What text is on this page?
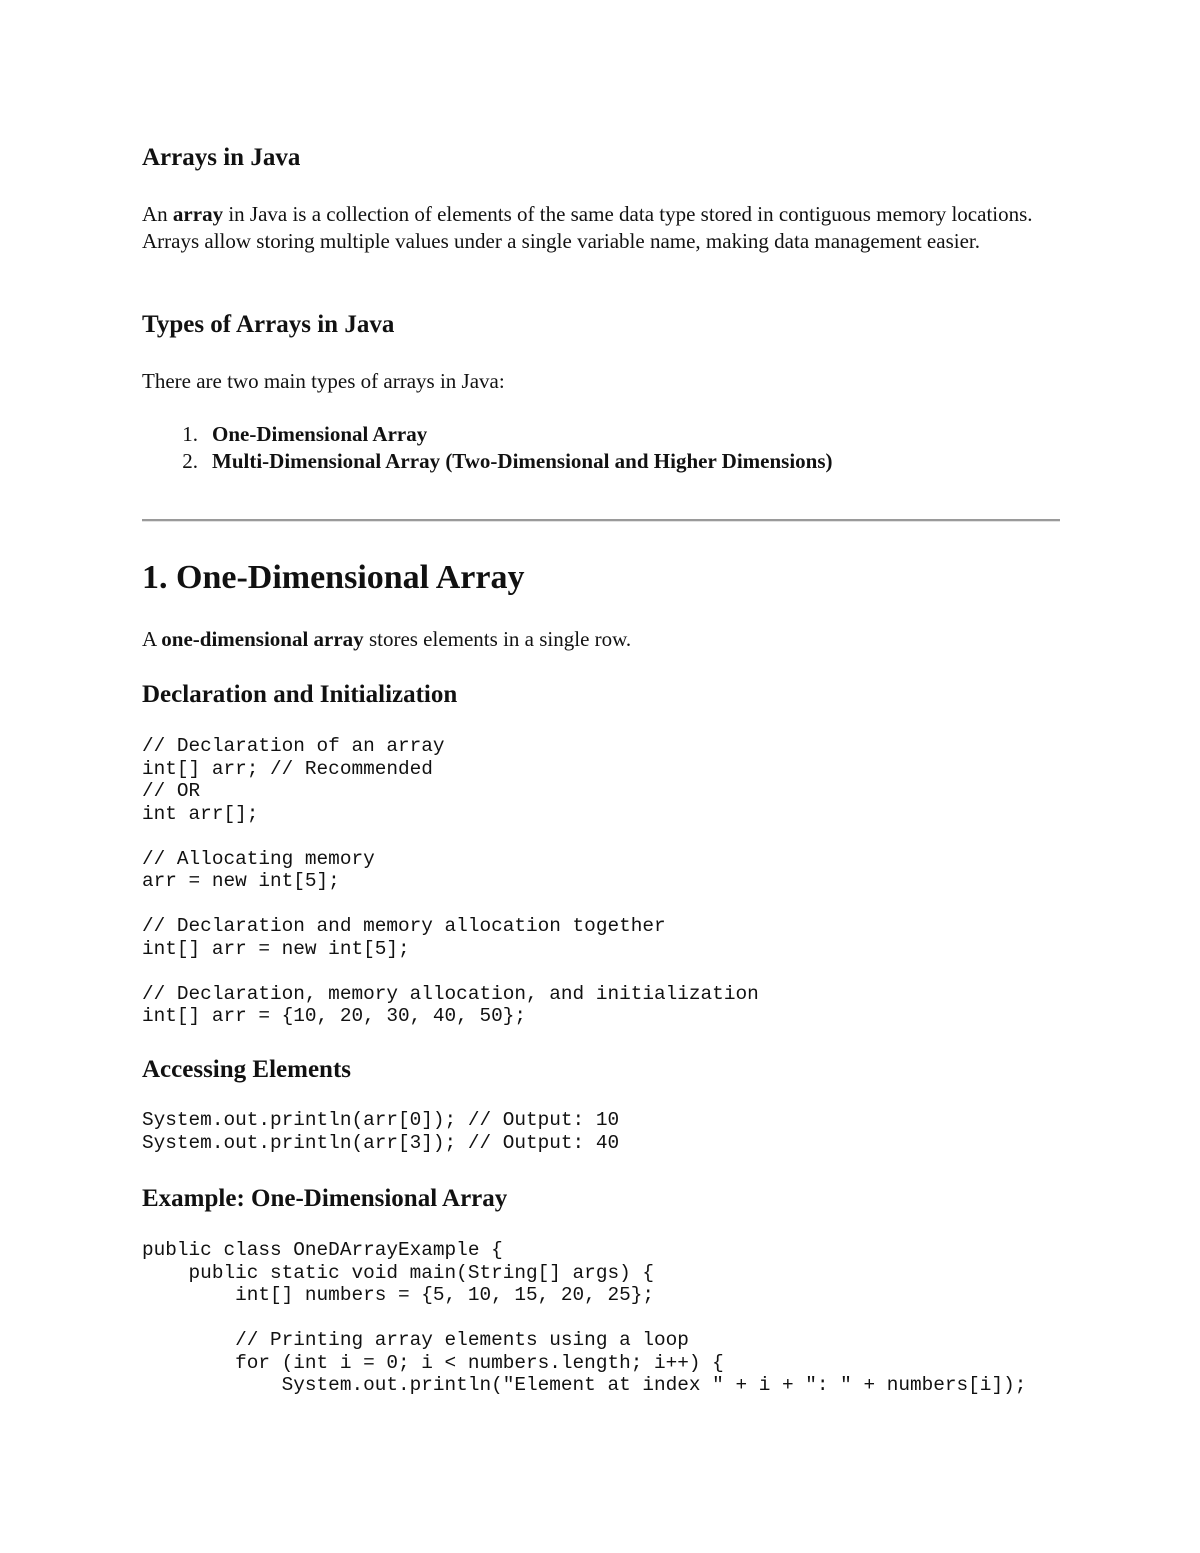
Arrays in Java

An array in Java is a collection of elements of the same data type stored in contiguous memory locations. Arrays allow storing multiple values under a single variable name, making data management easier.

Types of Arrays in Java

There are two main types of arrays in Java:

1. One-Dimensional Array
2. Multi-Dimensional Array (Two-Dimensional and Higher Dimensions)
1. One-Dimensional Array

A one-dimensional array stores elements in a single row.

Declaration and Initialization
// Declaration of an array
int[] arr; // Recommended
// OR
int arr[];

// Allocating memory
arr = new int[5];

// Declaration and memory allocation together
int[] arr = new int[5];

// Declaration, memory allocation, and initialization
int[] arr = {10, 20, 30, 40, 50};
Accessing Elements
System.out.println(arr[0]); // Output: 10
System.out.println(arr[3]); // Output: 40
Example: One-Dimensional Array
public class OneDArrayExample {
public static void main(String[] args) {
int[] numbers = {5, 10, 15, 20, 25};

// Printing array elements using a loop
for (int i = 0; i < numbers.length; i++) {
System.out.println("Element at index " + i + ": " + numbers[i]);
